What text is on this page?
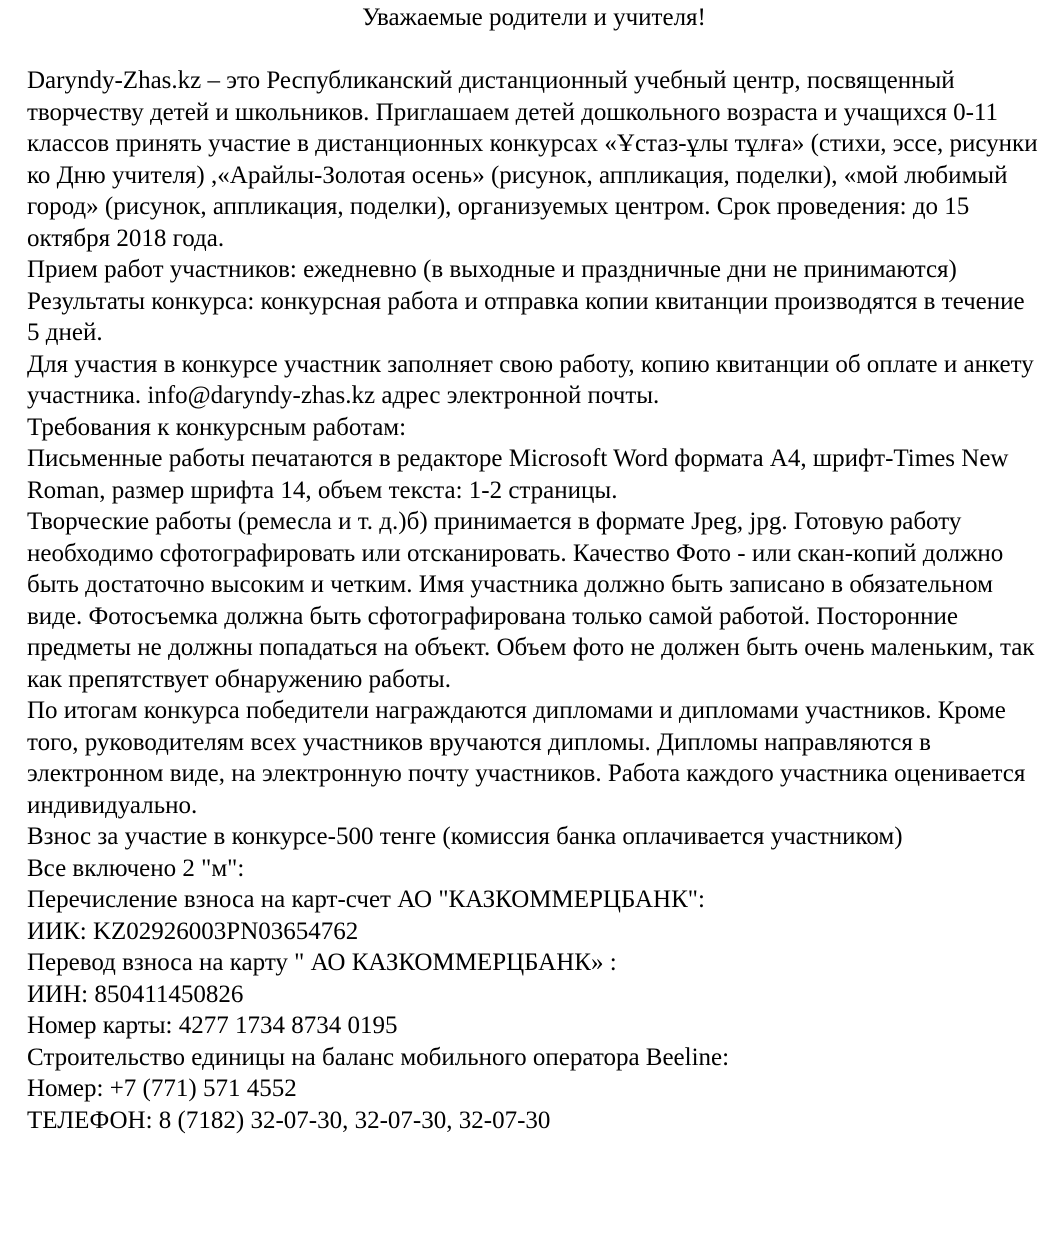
Уважаемые родители и учителя!

Daryndy-Zhas.kz – это Республиканский дистанционный учебный центр, посвященный творчеству детей и школьников. Приглашаем детей дошкольного возраста и учащихся 0-11 классов принять участие в дистанционных конкурсах «Ұстаз-ұлы тұлға» (стихи, эссе, рисунки ко Дню учителя) ,«Арайлы-Золотая осень» (рисунок, аппликация, поделки), «мой любимый город» (рисунок, аппликация, поделки), организуемых центром. Срок проведения: до 15 октября 2018 года.

Прием работ участников: ежедневно (в выходные и праздничные дни не принимаются)

Результаты конкурса: конкурсная работа и отправка копии квитанции производятся в течение 5 дней.

Для участия в конкурсе участник заполняет свою работу, копию квитанции об оплате и анкету участника. info@daryndy-zhas.kz адрес электронной почты.

Требования к конкурсным работам:

Письменные работы печатаются в редакторе Microsoft Word формата А4, шрифт-Times New Roman, размер шрифта 14, объем текста: 1-2 страницы.

Творческие работы (ремесла и т. д.)б) принимается в формате Jpeg, jpg. Готовую работу необходимо сфотографировать или отсканировать. Качество Фото - или скан-копий должно быть достаточно высоким и четким. Имя участника должно быть записано в обязательном виде. Фотосъемка должна быть сфотографирована только самой работой. Посторонние предметы не должны попадаться на объект. Объем фото не должен быть очень маленьким, так как препятствует обнаружению работы.

По итогам конкурса победители награждаются дипломами и дипломами участников. Кроме того, руководителям всех участников вручаются дипломы. Дипломы направляются в электронном виде, на электронную почту участников. Работа каждого участника оценивается индивидуально.

Взнос за участие в конкурсе-500 тенге (комиссия банка оплачивается участником)

Все включено 2 "м":

Перечисление взноса на карт-счет АО "КАЗКОММЕРЦБАНК":

ИИК: KZ02926003PN03654762

Перевод взноса на карту " АО КАЗКОММЕРЦБАНК» :

ИИН: 850411450826

Номер карты: 4277 1734 8734 0195

Строительство единицы на баланс мобильного оператора Beeline:

Номер: +7 (771) 571 4552

ТЕЛЕФОН: 8 (7182) 32-07-30, 32-07-30, 32-07-30
